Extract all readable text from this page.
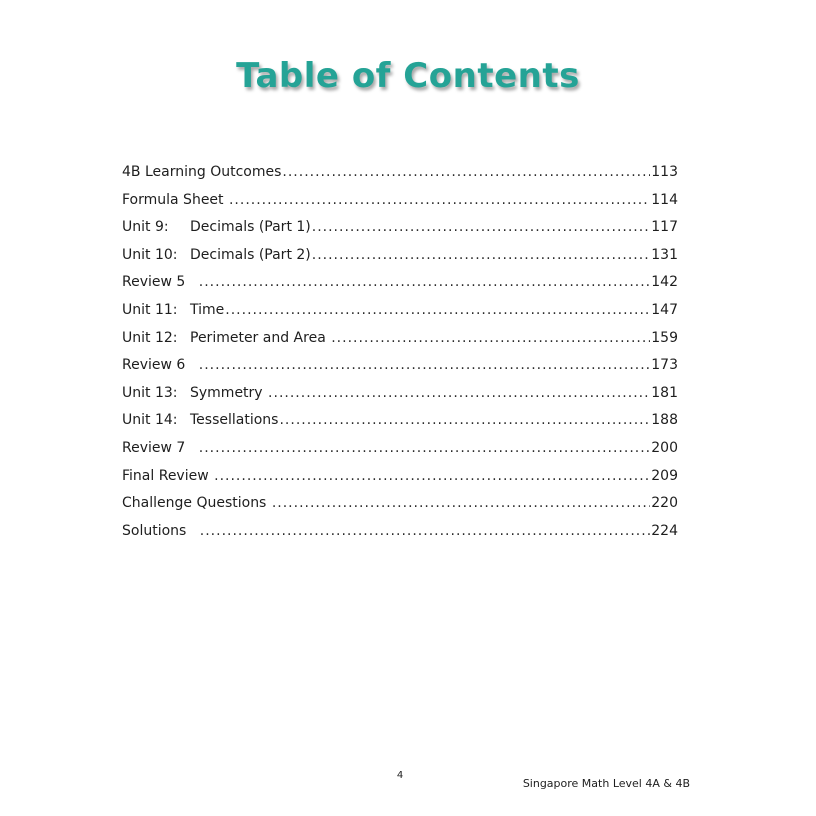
Table of Contents
4B Learning Outcomes .....	113
Formula Sheet .....	114
Unit 9:	Decimals (Part 1) .....	117
Unit 10: Decimals (Part 2) .....	131
Review 5 .....	142
Unit 11: Time .....	147
Unit 12: Perimeter and Area .....	159
Review 6 .....	173
Unit 13: Symmetry .....	181
Unit 14: Tessellations .....	188
Review 7 .....	200
Final Review .....	209
Challenge Questions .....	220
Solutions .....	224
4
Singapore Math Level 4A & 4B
